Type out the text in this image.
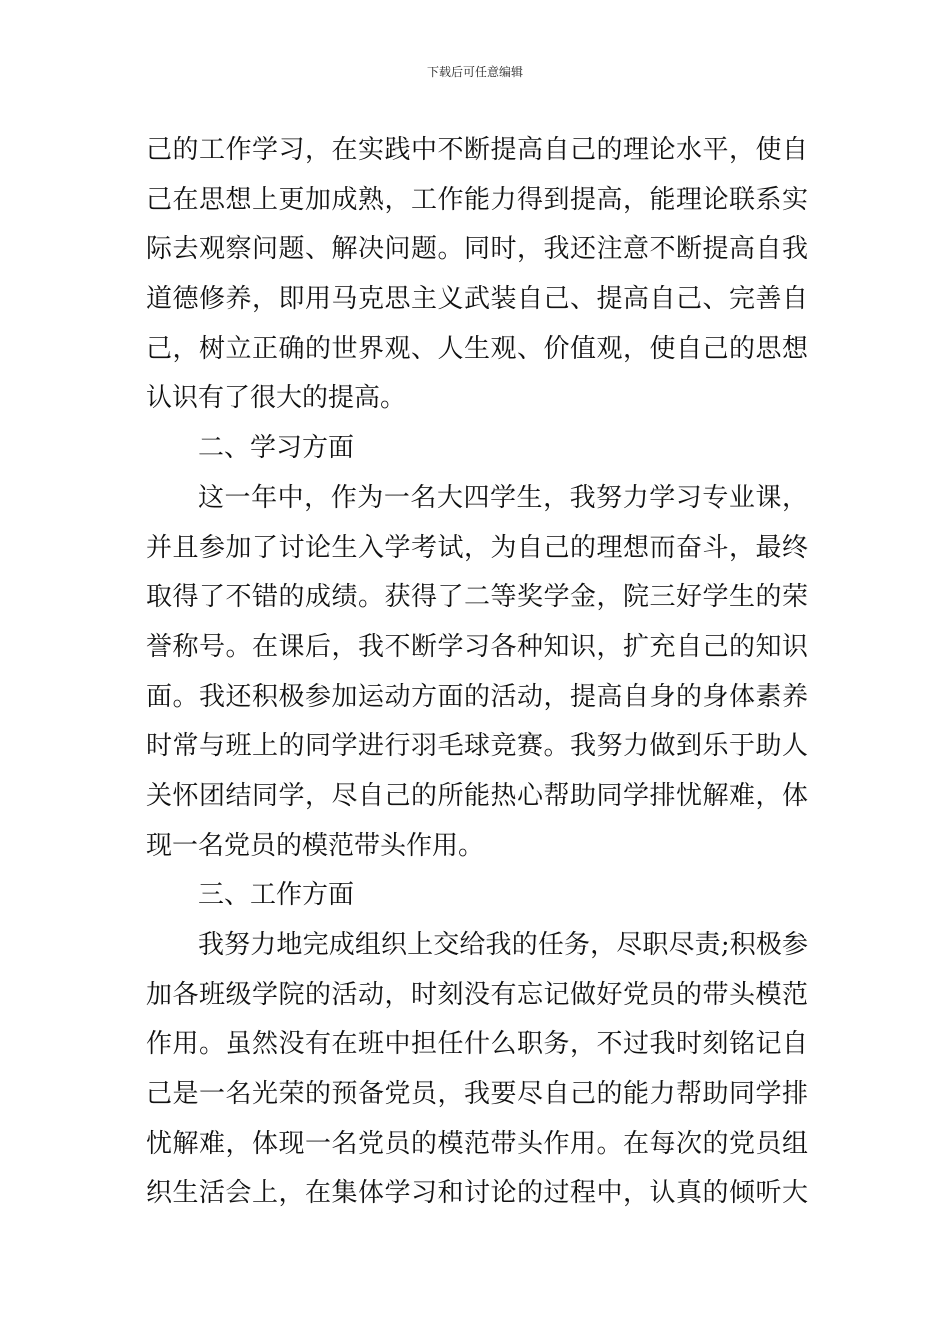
下载后可任意编辑
己的工作学习，在实践中不断提高自己的理论水平，使自
己在思想上更加成熟，工作能力得到提高，能理论联系实
际去观察问题、解决问题。同时，我还注意不断提高自我
道德修养，即用马克思主义武装自己、提高自己、完善自
己，树立正确的世界观、人生观、价值观，使自己的思想
认识有了很大的提高。
二、学习方面
这一年中，作为一名大四学生，我努力学习专业课，
并且参加了讨论生入学考试，为自己的理想而奋斗，最终
取得了不错的成绩。获得了二等奖学金，院三好学生的荣
誉称号。在课后，我不断学习各种知识，扩充自己的知识
面。我还积极参加运动方面的活动，提高自身的身体素养
时常与班上的同学进行羽毛球竞赛。我努力做到乐于助人
关怀团结同学，尽自己的所能热心帮助同学排忧解难，体
现一名党员的模范带头作用。
三、工作方面
我努力地完成组织上交给我的任务，尽职尽责;积极参
加各班级学院的活动，时刻没有忘记做好党员的带头模范
作用。虽然没有在班中担任什么职务，不过我时刻铭记自
己是一名光荣的预备党员，我要尽自己的能力帮助同学排
忧解难，体现一名党员的模范带头作用。在每次的党员组
织生活会上，在集体学习和讨论的过程中，认真的倾听大
